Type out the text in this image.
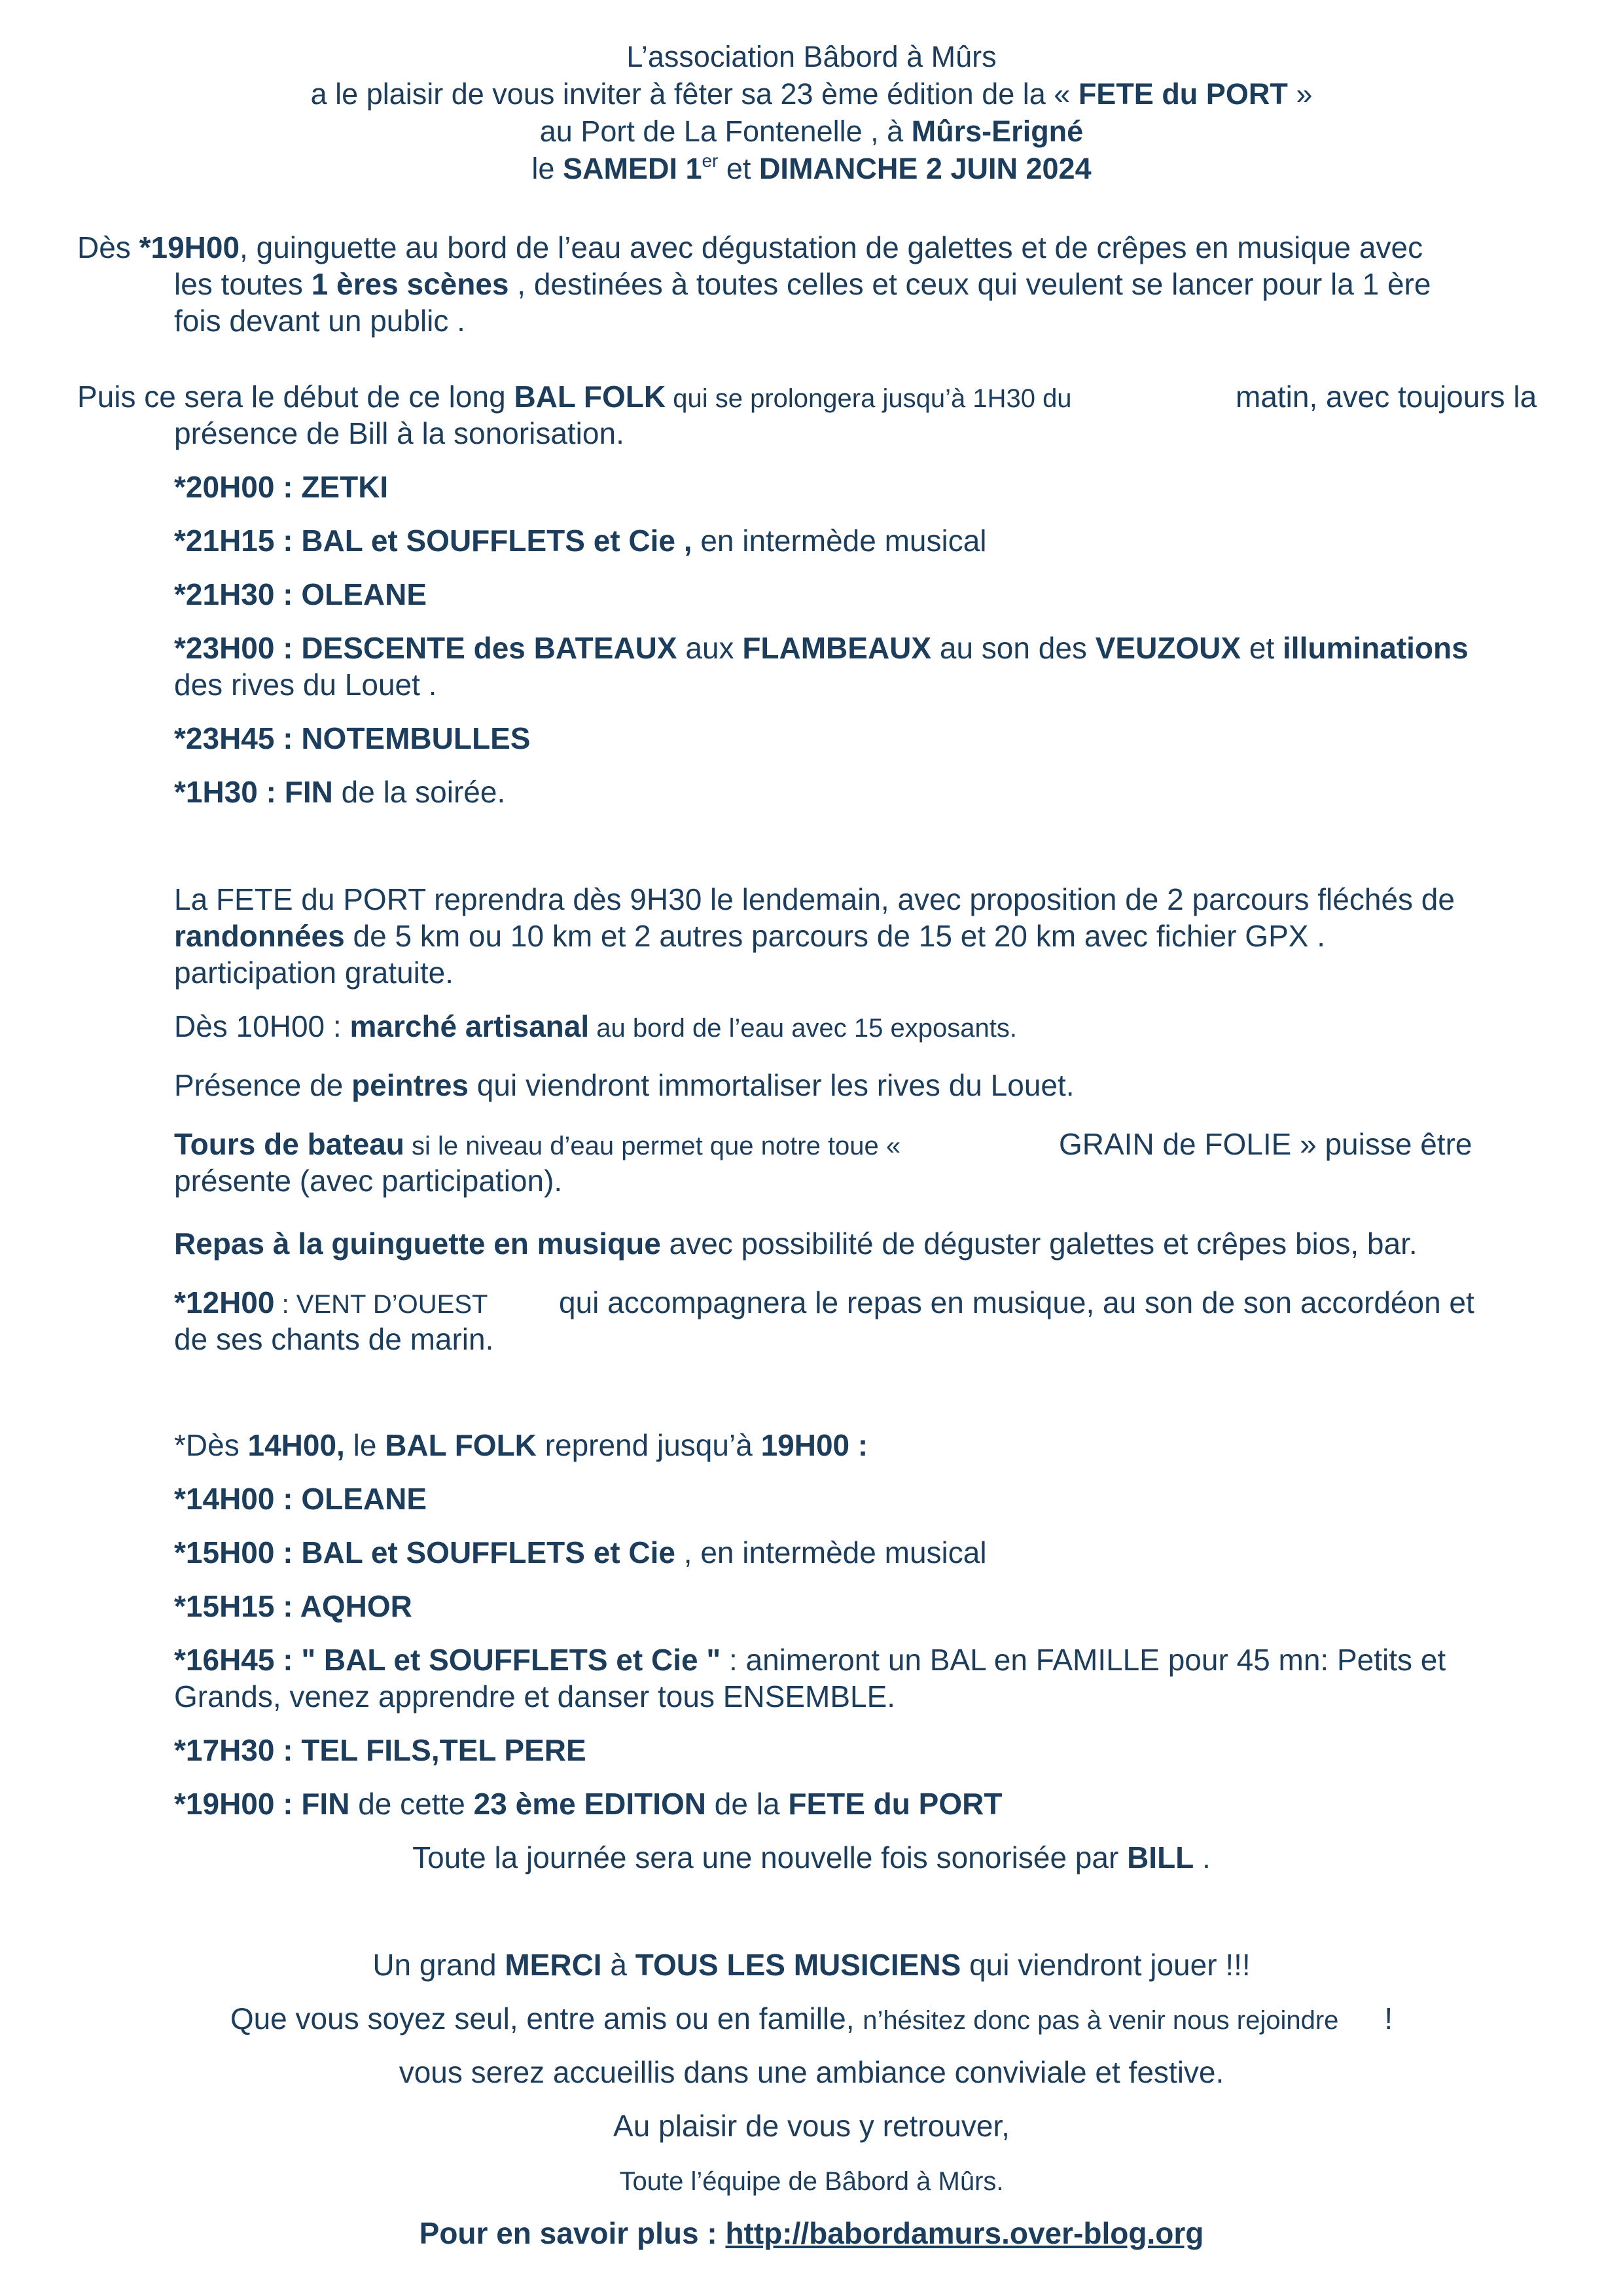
L’association Bâbord à Mûrs

a le plaisir de vous inviter à fêter sa 23 ème édition de la « FETE du PORT »

au Port de La Fontenelle , à Mûrs-Erigné

le SAMEDI 1er et DIMANCHE 2 JUIN 2024

Dès *19H00, guinguette au bord de l’eau avec dégustation de galettes et de crêpes en musique avec
les toutes 1 ères scènes , destinées à toutes celles et ceux qui veulent se lancer pour la 1 ère
fois devant un public .
Puis ce sera le début de ce long BAL FOLK qui se prolongera jusqu’à 1H30 du	matin, avec toujours la
présence de Bill à la sonorisation.
*20H00 : ZETKI
*21H15 : BAL et SOUFFLETS et Cie , en intermède musical
*21H30 : OLEANE
*23H00 : DESCENTE des BATEAUX aux FLAMBEAUX au son des VEUZOUX et illuminations
des rives du Louet .
*23H45 : NOTEMBULLES
*1H30 : FIN de la soirée.
La FETE du PORT reprendra dès 9H30 le lendemain, avec proposition de 2 parcours fléchés de
randonnées de 5 km ou 10 km et 2 autres parcours de 15 et 20 km avec fichier GPX .
participation gratuite.
Dès 10H00 : marché artisanal au bord de l’eau avec 15 exposants.
Présence de peintres qui viendront immortaliser les rives du Louet.
Tours de bateau si le niveau d’eau permet que notre toue «	GRAIN de FOLIE » puisse être
présente (avec participation).
Repas à la guinguette en musique avec possibilité de déguster galettes et crêpes bios, bar.
*12H00 : VENT D’OUEST qui accompagnera le repas en musique, au son de son accordéon et
de ses chants de marin.
*Dès 14H00, le BAL FOLK reprend jusqu’à 19H00 :
*14H00 : OLEANE
*15H00 : BAL et SOUFFLETS et Cie , en intermède musical
*15H15 : AQHOR
*16H45 : " BAL et SOUFFLETS et Cie " : animeront un BAL en FAMILLE pour 45 mn: Petits et
Grands, venez apprendre et danser tous ENSEMBLE.
*17H30 : TEL FILS,TEL PERE
*19H00 : FIN de cette 23 ème EDITION de la FETE du PORT
Toute la journée sera une nouvelle fois sonorisée par BILL .
Un grand MERCI à TOUS LES MUSICIENS qui viendront jouer !!!
Que vous soyez seul, entre amis ou en famille, n’hésitez donc pas à venir nous rejoindre !
vous serez accueillis dans une ambiance conviviale et festive.
Au plaisir de vous y retrouver,
Toute l’équipe de Bâbord à Mûrs.
Pour en savoir plus : http://babordamurs.over-blog.org
